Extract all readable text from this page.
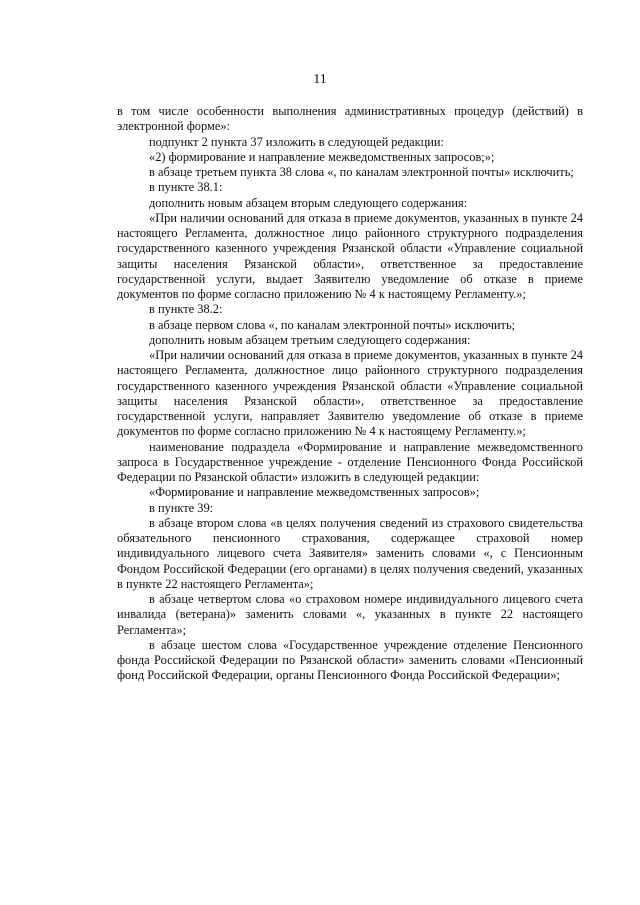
11

в том числе особенности выполнения административных процедур (действий) в электронной форме»:

подпункт 2 пункта 37 изложить в следующей редакции:

«2) формирование и направление межведомственных запросов;»;

в абзаце третьем пункта 38 слова «, по каналам электронной почты» исключить;

в пункте 38.1:

дополнить новым абзацем вторым следующего содержания:

«При наличии оснований для отказа в приеме документов, указанных в пункте 24 настоящего Регламента, должностное лицо районного структурного подразделения государственного казенного учреждения Рязанской области «Управление социальной защиты населения Рязанской области», ответственное за предоставление государственной услуги, выдает Заявителю уведомление об отказе в приеме документов по форме согласно приложению № 4 к настоящему Регламенту.»;

в пункте 38.2:

в абзаце первом слова «, по каналам электронной почты» исключить;

дополнить новым абзацем третьим следующего содержания:

«При наличии оснований для отказа в приеме документов, указанных в пункте 24 настоящего Регламента, должностное лицо районного структурного подразделения государственного казенного учреждения Рязанской области «Управление социальной защиты населения Рязанской области», ответственное за предоставление государственной услуги, направляет Заявителю уведомление об отказе в приеме документов по форме согласно приложению № 4 к настоящему Регламенту.»;

наименование подраздела «Формирование и направление межведомственного запроса в Государственное учреждение - отделение Пенсионного Фонда Российской Федерации по Рязанской области» изложить в следующей редакции:

«Формирование и направление межведомственных запросов»;

в пункте 39:

в абзаце втором слова «в целях получения сведений из страхового свидетельства обязательного пенсионного страхования, содержащее страховой номер индивидуального лицевого счета Заявителя» заменить словами «, с Пенсионным Фондом Российской Федерации (его органами) в целях получения сведений, указанных в пункте 22 настоящего Регламента»;

в абзаце четвертом слова «о страховом номере индивидуального лицевого счета инвалида (ветерана)» заменить словами «, указанных в пункте 22 настоящего Регламента»;

в абзаце шестом слова «Государственное учреждение отделение Пенсионного фонда Российской Федерации по Рязанской области» заменить словами «Пенсионный фонд Российской Федерации, органы Пенсионного Фонда Российской Федерации»;
